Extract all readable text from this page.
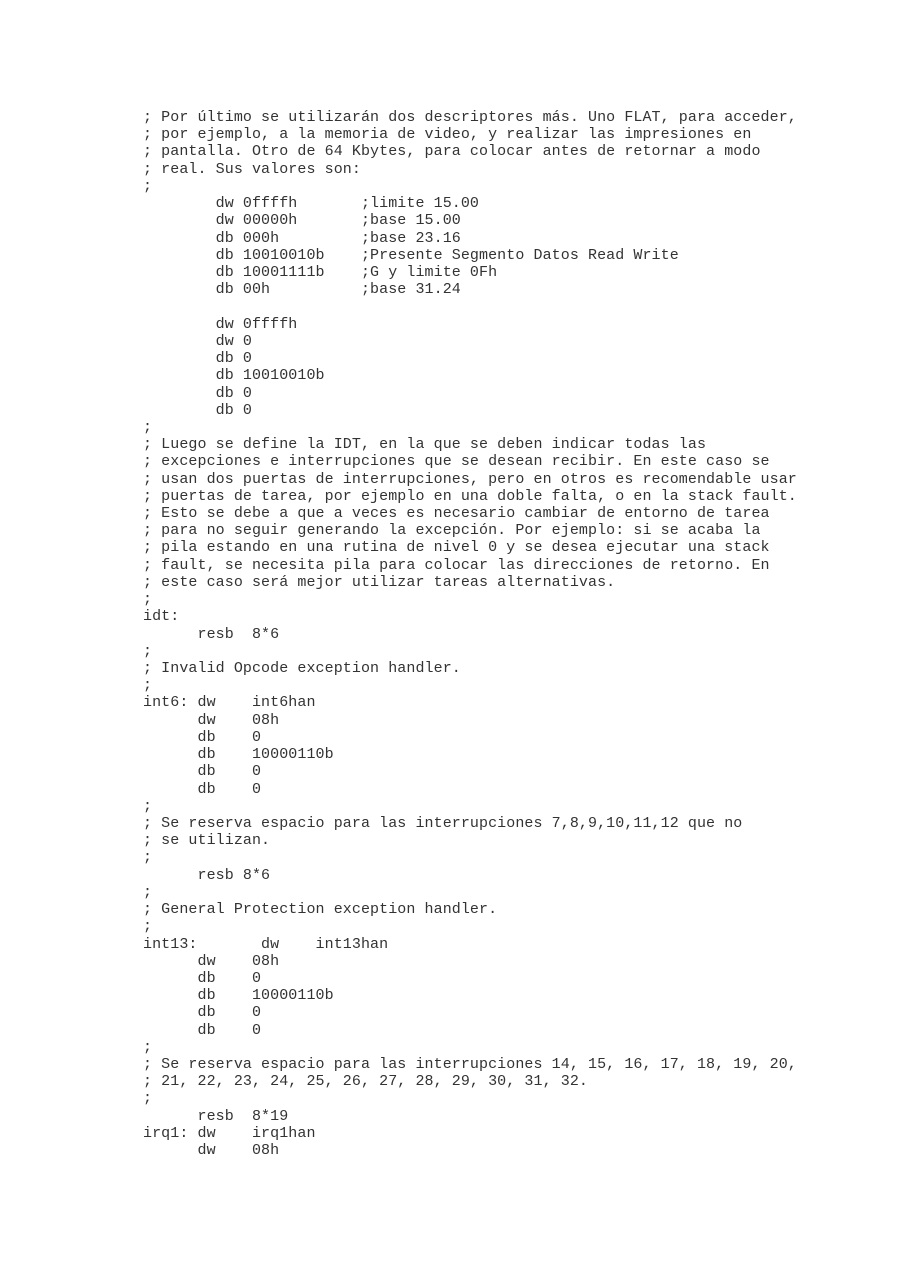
; Por último se utilizarán dos descriptores más. Uno FLAT, para acceder,
; por ejemplo, a la memoria de video, y realizar las impresiones en
; pantalla. Otro de 64 Kbytes, para colocar antes de retornar a modo
; real. Sus valores son:
;
dw 0ffffh       ;limite 15.00
dw 00000h       ;base 15.00
db 000h         ;base 23.16
db 10010010b    ;Presente Segmento Datos Read Write
db 10001111b    ;G y limite 0Fh
db 00h          ;base 31.24
dw 0ffffh
dw 0
db 0
db 10010010b
db 0
db 0
;
; Luego se define la IDT, en la que se deben indicar todas las
; excepciones e interrupciones que se desean recibir. En este caso se
; usan dos puertas de interrupciones, pero en otros es recomendable usar
; puertas de tarea, por ejemplo en una doble falta, o en la stack fault.
; Esto se debe a que a veces es necesario cambiar de entorno de tarea
; para no seguir generando la excepción. Por ejemplo: si se acaba la
; pila estando en una rutina de nivel 0 y se desea ejecutar una stack
; fault, se necesita pila para colocar las direcciones de retorno. En
; este caso será mejor utilizar tareas alternativas.
;
idt:
resb  8*6
;
; Invalid Opcode exception handler.
;
int6: dw    int6han
dw    08h
db    0
db    10000110b
db    0
db    0
;
; Se reserva espacio para las interrupciones 7,8,9,10,11,12 que no
; se utilizan.
;
resb 8*6
;
; General Protection exception handler.
;
int13:       dw    int13han
dw    08h
db    0
db    10000110b
db    0
db    0
;
; Se reserva espacio para las interrupciones 14, 15, 16, 17, 18, 19, 20,
; 21, 22, 23, 24, 25, 26, 27, 28, 29, 30, 31, 32.
;
resb  8*19
irq1: dw    irq1han
dw    08h
